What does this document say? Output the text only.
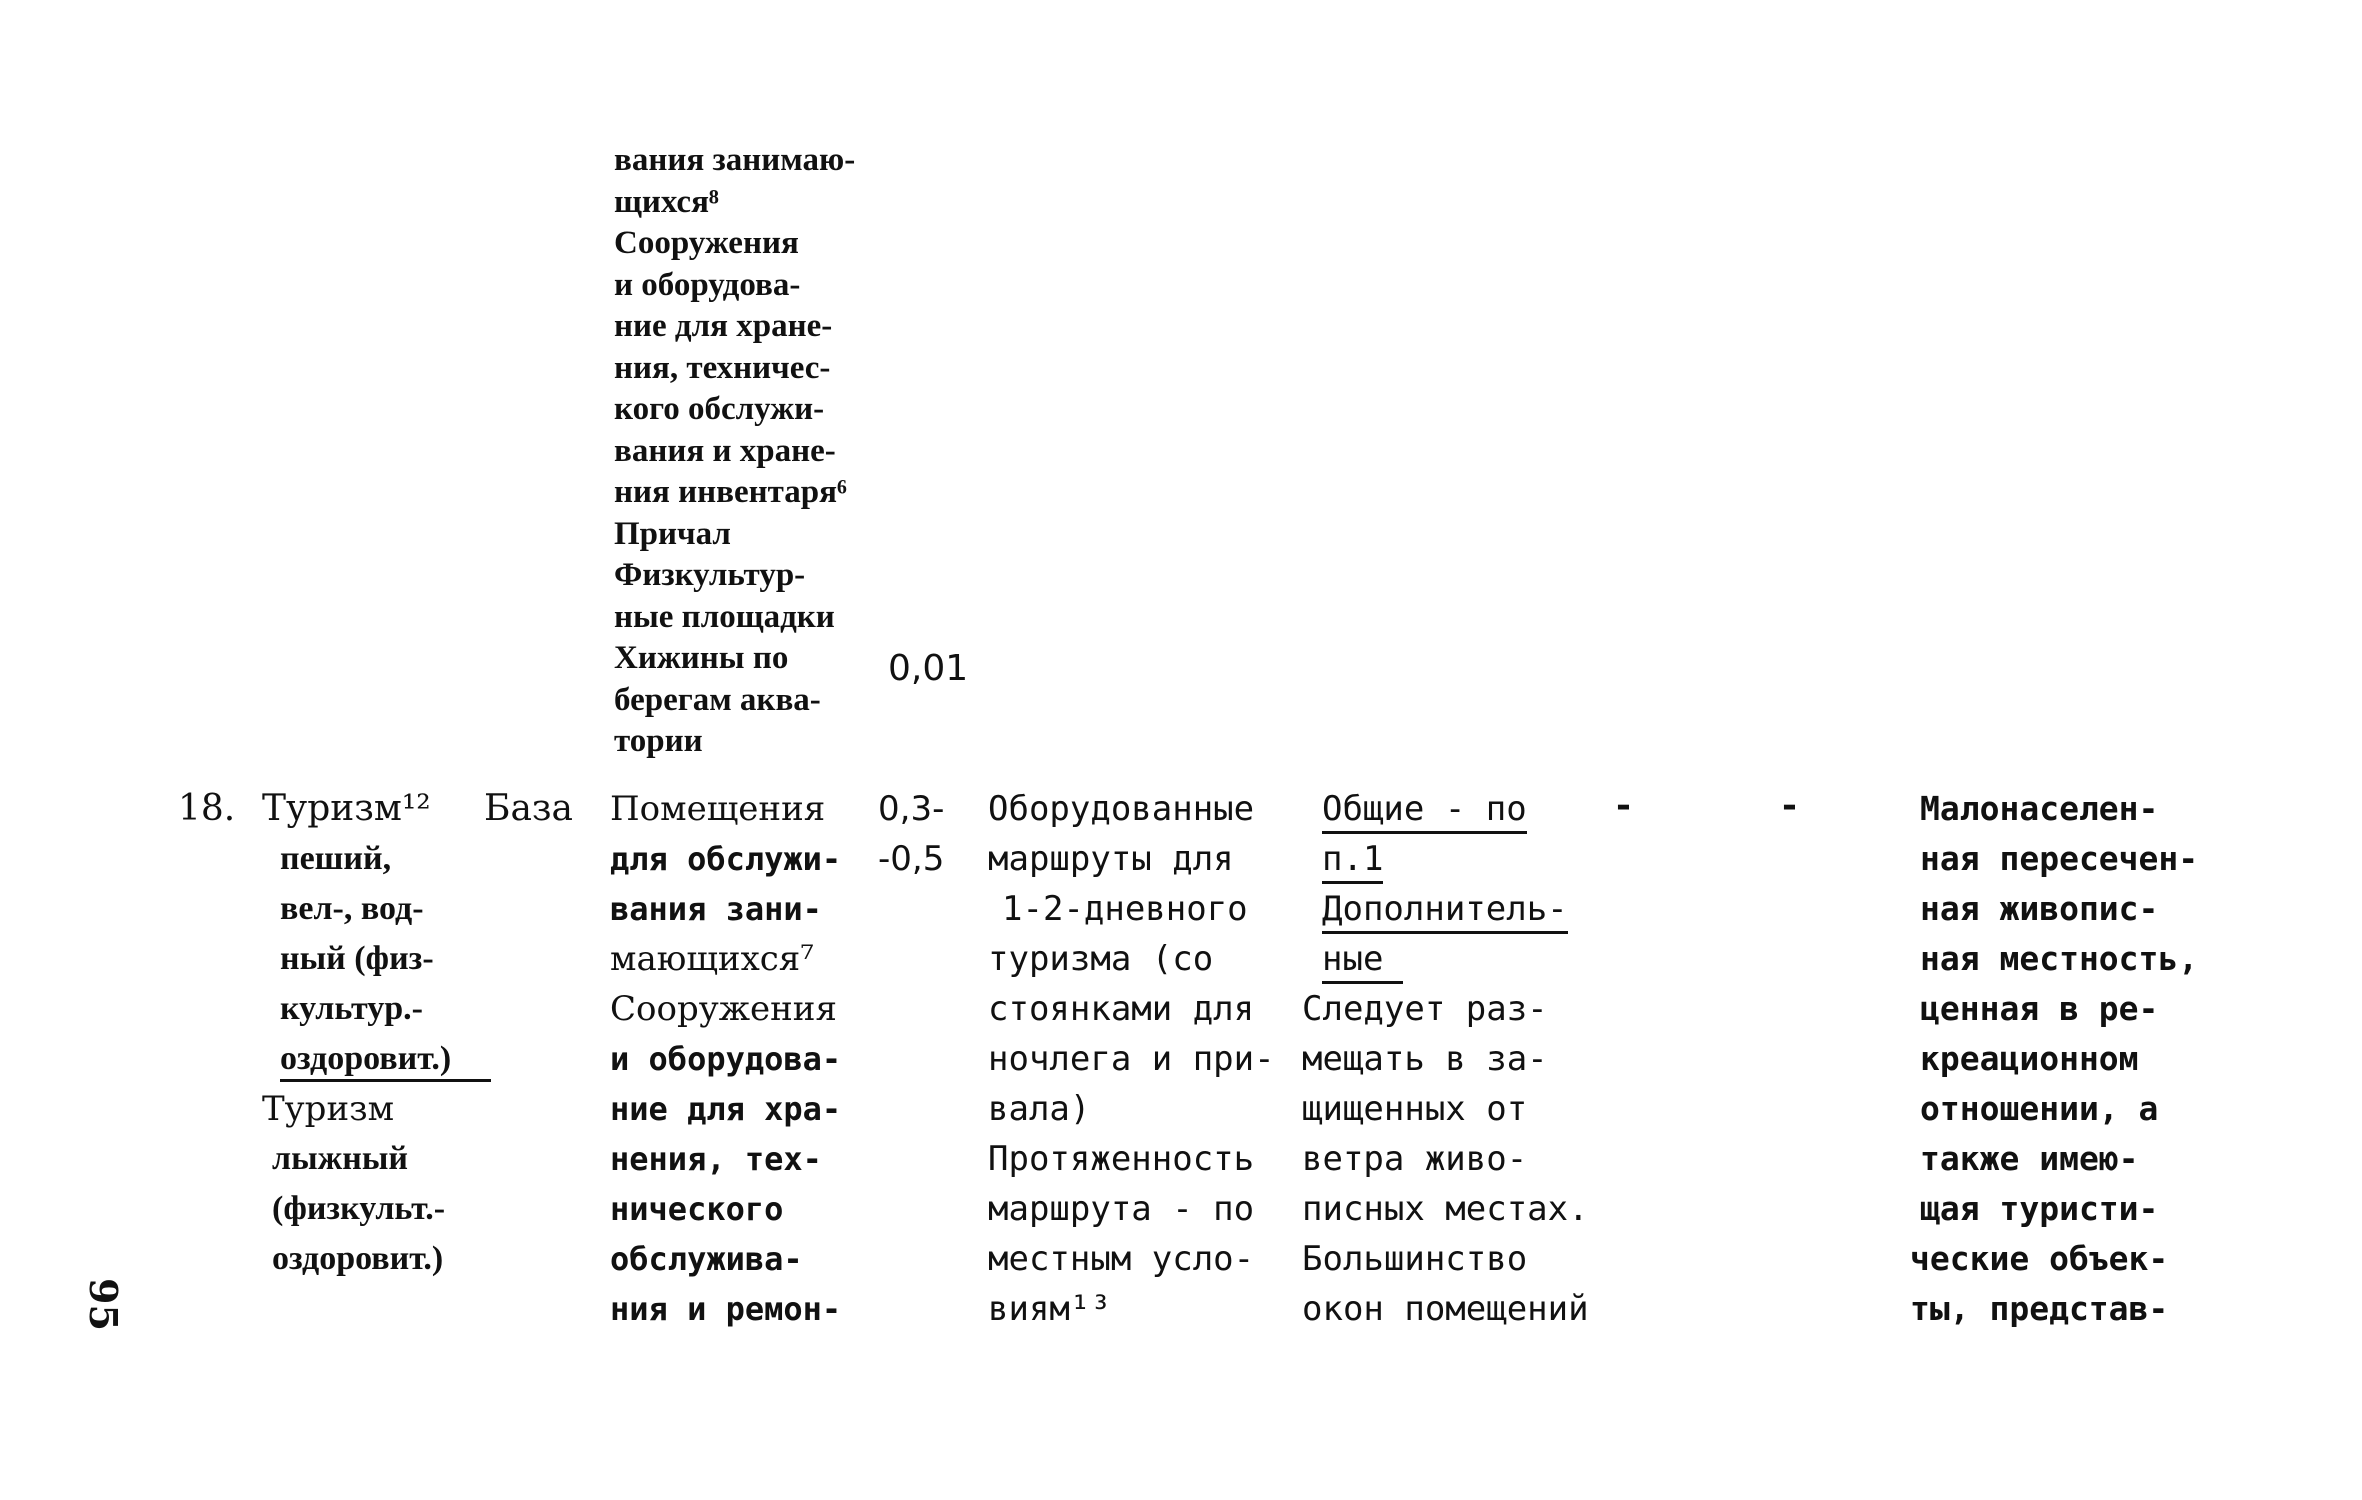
вания занимаю-
щихся⁸
Сооружения
и оборудова-
ние для хране-
ния, техничес-
кого обслужи-
вания и хране-
ния инвентаря⁶
Причал
Физкультур-
ные площадки
Хижины по
берегам аква-
тории
0,01
18. Туризм¹²
пеший,
вел-, вод-
ный (физ-
культур.-
оздоровит.)
Туризм
лыжный
(физкульт.-
оздоровит.)
База Помещения
для обслужи-
вания зани-
мающихся⁷
Сооружения
и оборудова-
ние для хра-
нения, тех-
нического
обслужива-
ния и ремон-
0,3-
-0,5
Оборудованные
маршруты для
1-2-дневного
туризма (со
стоянками для
ночлега и при-
вала)
Протяженность
маршрута - по
местным усло-
виям¹³
Общие - по
п.1
Дополнитель-
ные
Следует раз-
мещать в за-
щищенных от
ветра живо-
писных местах.
Большинство
окон помещений
-	-	Малонаселен-
ная пересечен-
ная живопис-
ная местность,
ценная в ре-
креационном
отношении, а
также имею-
щая туристи-
ческие объек-
ты, представ-
95
